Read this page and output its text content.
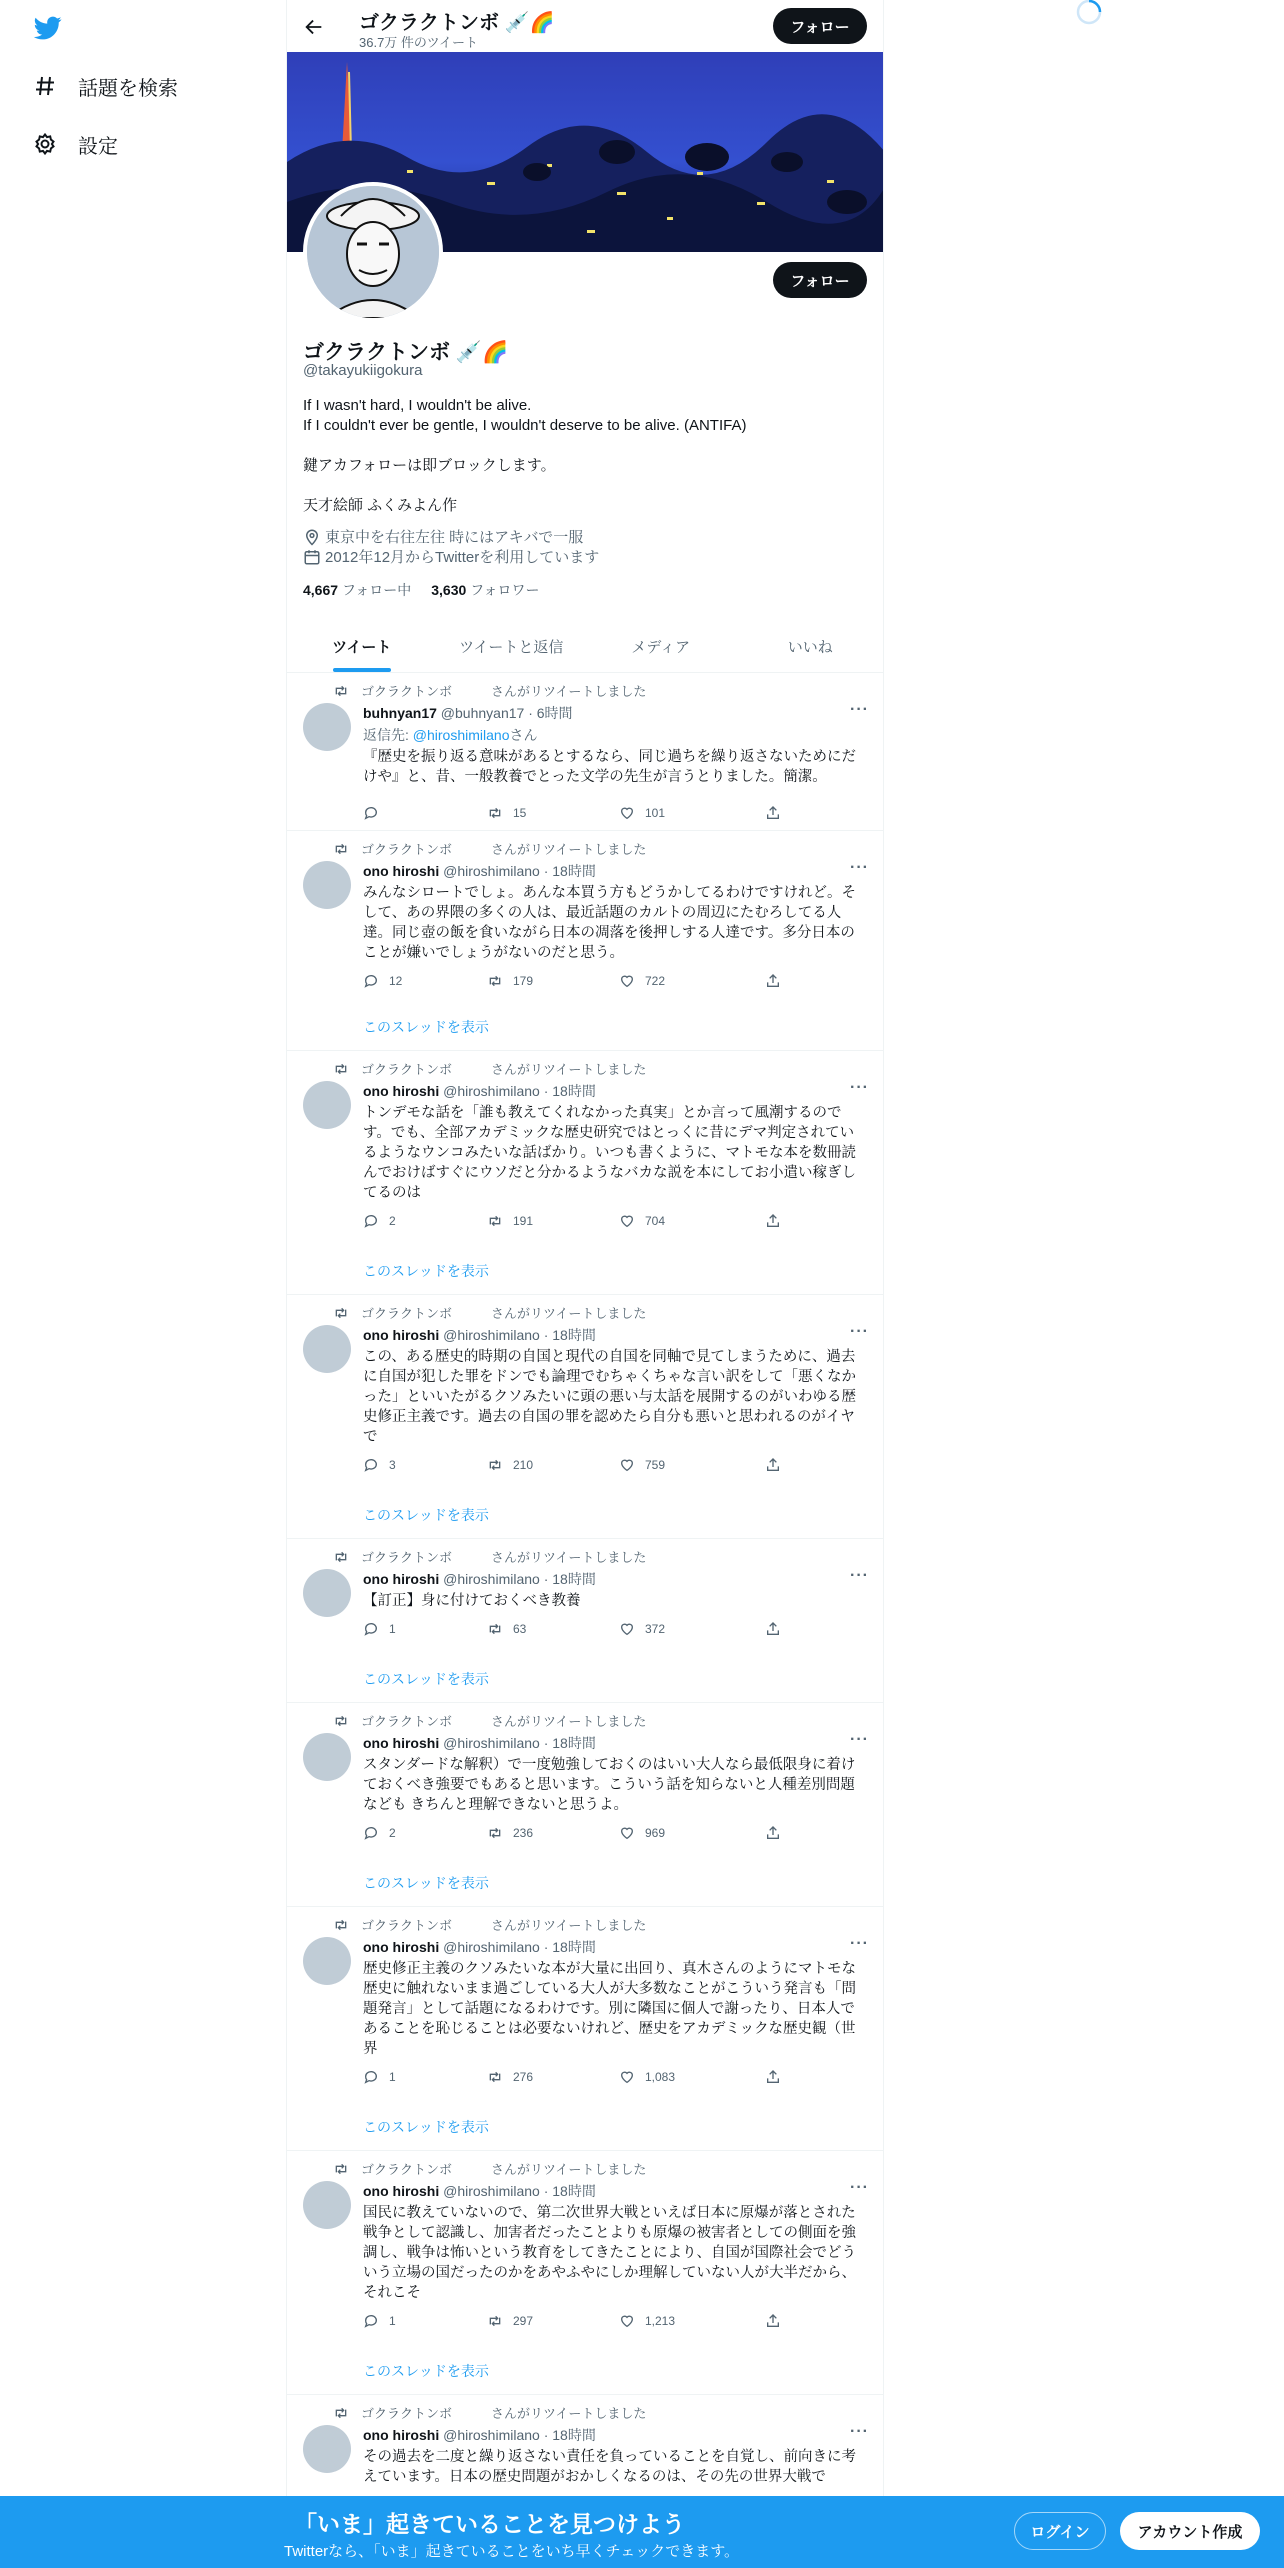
話題を検索
設定
ゴクラクトンボ 💉🌈
36.7万 件のツイート
フォロー
フォロー
ゴクラクトンボ 💉🌈
@takayukiigokura
If I wasn't hard, I wouldn't be alive.
If I couldn't ever be gentle, I wouldn't deserve to be alive. (ANTIFA)
鍵アカフォローは即ブロックします。
天才絵師 ふくみよん作
東京中を右往左往 時にはアキバで一服
2012年12月からTwitterを利用しています
4,667 フォロー中 3,630 フォロワー
ツイート	ツイートと返信	メディア	いいね
ゴクラクトンボ　　　さんがリツイートしました
buhnyan17 @buhnyan17 · 6時間	···
返信先: @hiroshimilanoさん
『歴史を振り返る意味があるとするなら、同じ過ちを繰り返さないためにだけや』と、昔、一般教養でとった文学の先生が言うとりました。簡潔。
15	101
ゴクラクトンボ　　　さんがリツイートしました
ono hiroshi @hiroshimilano · 18時間	···
みんなシロートでしょ。あんな本買う方もどうかしてるわけですけれど。そして、あの界隈の多くの人は、最近話題のカルトの周辺にたむろしてる人達。同じ壺の飯を食いながら日本の凋落を後押しする人達です。多分日本のことが嫌いでしょうがないのだと思う。
12	179	722
このスレッドを表示
ゴクラクトンボ　　　さんがリツイートしました
ono hiroshi @hiroshimilano · 18時間	···
トンデモな話を「誰も教えてくれなかった真実」とか言って風潮するのです。でも、全部アカデミックな歴史研究ではとっくに昔にデマ判定されているようなウンコみたいな話ばかり。いつも書くように、マトモな本を数冊読んでおけばすぐにウソだと分かるようなバカな説を本にしてお小遣い稼ぎしてるのは
2	191	704
このスレッドを表示
ゴクラクトンボ　　　さんがリツイートしました
ono hiroshi @hiroshimilano · 18時間	···
この、ある歴史的時期の自国と現代の自国を同軸で見てしまうために、過去に自国が犯した罪をドンでも論理でむちゃくちゃな言い訳をして「悪くなかった」といいたがるクソみたいに頭の悪い与太話を展開するのがいわゆる歴史修正主義です。過去の自国の罪を認めたら自分も悪いと思われるのがイヤで
3	210	759
このスレッドを表示
ゴクラクトンボ　　　さんがリツイートしました
ono hiroshi @hiroshimilano · 18時間	···
【訂正】身に付けておくべき教養
1	63	372
このスレッドを表示
ゴクラクトンボ　　　さんがリツイートしました
ono hiroshi @hiroshimilano · 18時間	···
スタンダードな解釈）で一度勉強しておくのはいい大人なら最低限身に着けておくべき強要でもあると思います。こういう話を知らないと人種差別問題なども きちんと理解できないと思うよ。
2	236	969
このスレッドを表示
ゴクラクトンボ　　　さんがリツイートしました
ono hiroshi @hiroshimilano · 18時間	···
歴史修正主義のクソみたいな本が大量に出回り、真木さんのようにマトモな歴史に触れないまま過ごしている大人が大多数なことがこういう発言も「問題発言」として話題になるわけです。別に隣国に個人で謝ったり、日本人であることを恥じることは必要ないけれど、歴史をアカデミックな歴史観（世界
1	276	1,083
このスレッドを表示
ゴクラクトンボ　　　さんがリツイートしました
ono hiroshi @hiroshimilano · 18時間	···
国民に教えていないので、第二次世界大戦といえば日本に原爆が落とされた戦争として認識し、加害者だったことよりも原爆の被害者としての側面を強調し、戦争は怖いという教育をしてきたことにより、自国が国際社会でどういう立場の国だったのかをあやふやにしか理解していない人が大半だから、それこそ
1	297	1,213
このスレッドを表示
ゴクラクトンボ　　　さんがリツイートしました
ono hiroshi @hiroshimilano · 18時間	···
その過去を二度と繰り返さない責任を負っていることを自覚し、前向きに考えています。日本の歴史問題がおかしくなるのは、その先の世界大戦で
「いま」起きていることを見つけよう
Twitterなら、「いま」起きていることをいち早くチェックできます。
ログイン	アカウント作成
